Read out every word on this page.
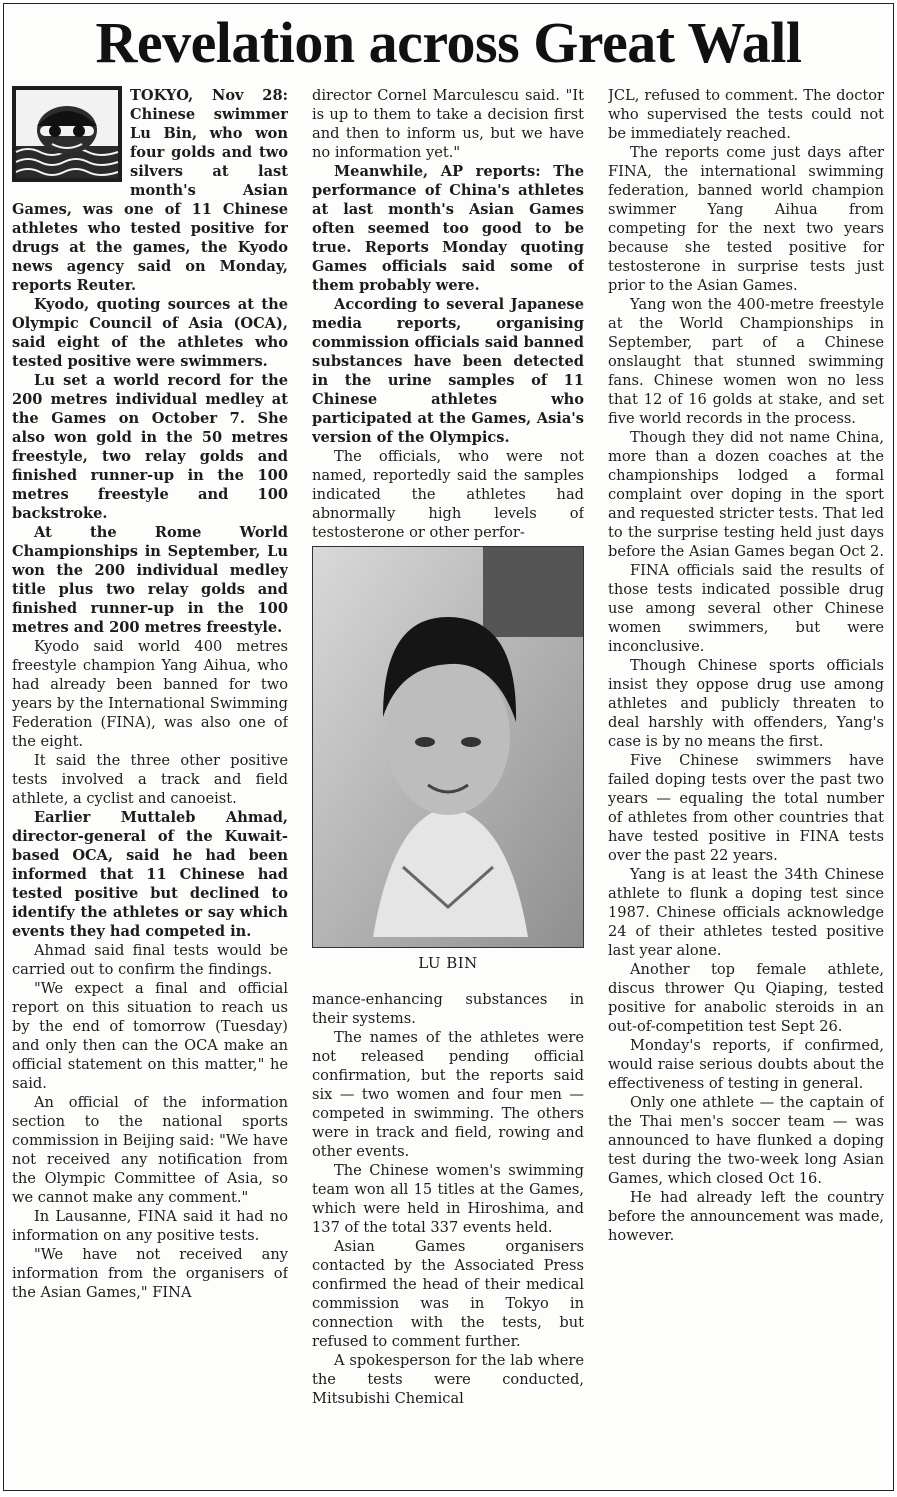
Revelation across Great Wall

TOKYO, Nov 28: Chinese swimmer Lu Bin, who won four golds and two silvers at last month's Asian Games, was one of 11 Chinese athletes who tested positive for drugs at the games, the Kyodo news agency said on Monday, reports Reuter.

Kyodo, quoting sources at the Olympic Council of Asia (OCA), said eight of the athletes who tested positive were swimmers.

Lu set a world record for the 200 metres individual medley at the Games on October 7. She also won gold in the 50 metres freestyle, two relay golds and finished runner-up in the 100 metres freestyle and 100 backstroke.

At the Rome World Championships in September, Lu won the 200 individual medley title plus two relay golds and finished runner-up in the 100 metres and 200 metres freestyle.

Kyodo said world 400 metres freestyle champion Yang Aihua, who had already been banned for two years by the International Swimming Federation (FINA), was also one of the eight.

It said the three other positive tests involved a track and field athlete, a cyclist and canoeist.

Earlier Muttaleb Ahmad, director-general of the Kuwait-based OCA, said he had been informed that 11 Chinese had tested positive but declined to identify the athletes or say which events they had competed in.

Ahmad said final tests would be carried out to confirm the findings.

"We expect a final and official report on this situation to reach us by the end of tomorrow (Tuesday) and only then can the OCA make an official statement on this matter," he said.

An official of the information section to the national sports commission in Beijing said: "We have not received any notification from the Olympic Committee of Asia, so we cannot make any comment."

In Lausanne, FINA said it had no information on any positive tests.

"We have not received any information from the organisers of the Asian Games," FINA

director Cornel Marculescu said. "It is up to them to take a decision first and then to inform us, but we have no information yet."

Meanwhile, AP reports: The performance of China's athletes at last month's Asian Games often seemed too good to be true. Reports Monday quoting Games officials said some of them probably were.

According to several Japanese media reports, organising commission officials said banned substances have been detected in the urine samples of 11 Chinese athletes who participated at the Games, Asia's version of the Olympics.

The officials, who were not named, reportedly said the samples indicated the athletes had abnormally high levels of testosterone or other perfor-

LU BIN

mance-enhancing substances in their systems.

The names of the athletes were not released pending official confirmation, but the reports said six — two women and four men —competed in swimming. The others were in track and field, rowing and other events.

The Chinese women's swimming team won all 15 titles at the Games, which were held in Hiroshima, and 137 of the total 337 events held.

Asian Games organisers contacted by the Associated Press confirmed the head of their medical commission was in Tokyo in connection with the tests, but refused to comment further.

A spokesperson for the lab where the tests were conducted, Mitsubishi Chemical

JCL, refused to comment. The doctor who supervised the tests could not be immediately reached.

The reports come just days after FINA, the international swimming federation, banned world champion swimmer Yang Aihua from competing for the next two years because she tested positive for testosterone in surprise tests just prior to the Asian Games.

Yang won the 400-metre freestyle at the World Championships in September, part of a Chinese onslaught that stunned swimming fans. Chinese women won no less that 12 of 16 golds at stake, and set five world records in the process.

Though they did not name China, more than a dozen coaches at the championships lodged a formal complaint over doping in the sport and requested stricter tests. That led to the surprise testing held just days before the Asian Games began Oct 2.

FINA officials said the results of those tests indicated possible drug use among several other Chinese women swimmers, but were inconclusive.

Though Chinese sports officials insist they oppose drug use among athletes and publicly threaten to deal harshly with offenders, Yang's case is by no means the first.

Five Chinese swimmers have failed doping tests over the past two years — equaling the total number of athletes from other countries that have tested positive in FINA tests over the past 22 years.

Yang is at least the 34th Chinese athlete to flunk a doping test since 1987. Chinese officials acknowledge 24 of their athletes tested positive last year alone.

Another top female athlete, discus thrower Qu Qiaping, tested positive for anabolic steroids in an out-of-competition test Sept 26.

Monday's reports, if confirmed, would raise serious doubts about the effectiveness of testing in general.

Only one athlete — the captain of the Thai men's soccer team — was announced to have flunked a doping test during the two-week long Asian Games, which closed Oct 16.

He had already left the country before the announcement was made, however.
